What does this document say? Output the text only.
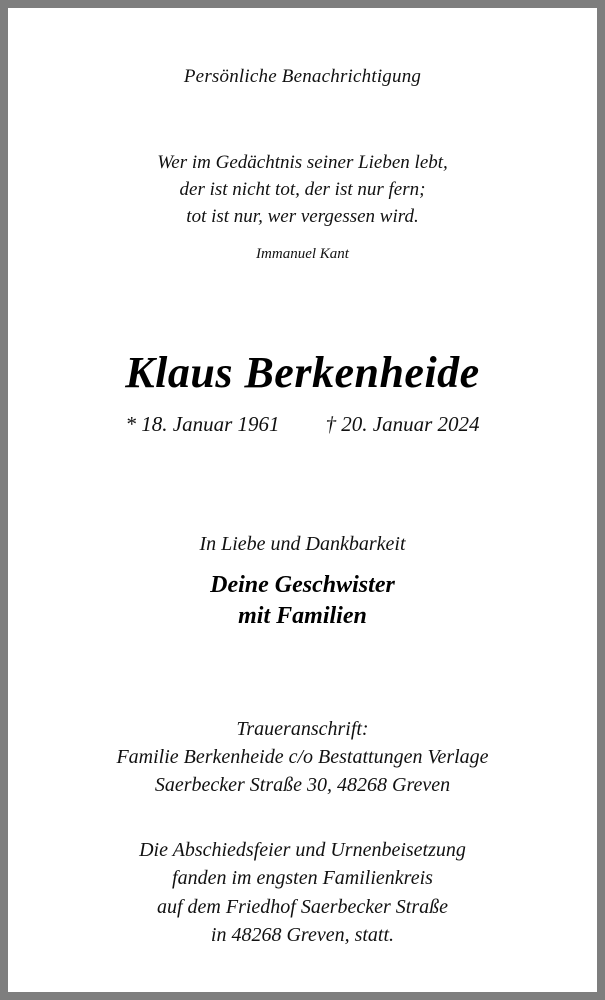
Persönliche Benachrichtigung
Wer im Gedächtnis seiner Lieben lebt,
der ist nicht tot, der ist nur fern;
tot ist nur, wer vergessen wird.
Immanuel Kant
Klaus Berkenheide
* 18. Januar 1961 † 20. Januar 2024
In Liebe und Dankbarkeit
Deine Geschwister
mit Familien
Traueranschrift:
Familie Berkenheide c/o Bestattungen Verlage
Saerbecker Straße 30, 48268 Greven
Die Abschiedsfeier und Urnenbeisetzung
fanden im engsten Familienkreis
auf dem Friedhof Saerbecker Straße
in 48268 Greven, statt.
